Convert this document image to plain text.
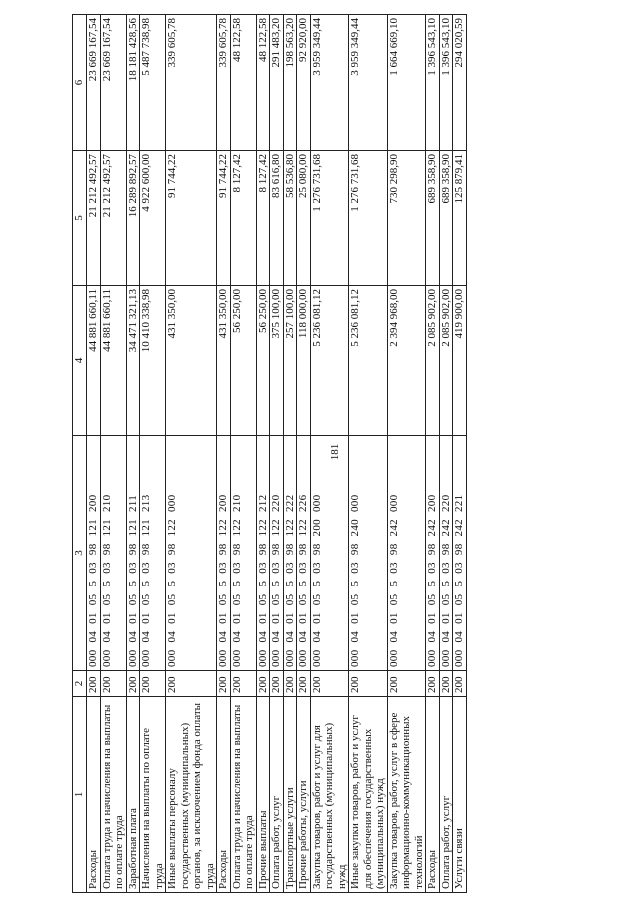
181
1	2	3	4	5	6
Расходы	200	000 04 01 05 5 03 98 121 200	44 881 660,11	21 212 492,57	23 669 167,54
Оплата труда и начисления на выплаты по оплате труда	200	000 04 01 05 5 03 98 121 210	44 881 660,11	21 212 492,57	23 669 167,54
Заработная плата	200	000 04 01 05 5 03 98 121 211	34 471 321,13	16 289 892,57	18 181 428,56
Начисления на выплаты по оплате труда	200	000 04 01 05 5 03 98 121 213	10 410 338,98	4 922 600,00	5 487 738,98
Иные выплаты персоналу государственных (муниципальных) органов, за исключением фонда оплаты труда	200	000 04 01 05 5 03 98 122 000	431 350,00	91 744,22	339 605,78
Расходы	200	000 04 01 05 5 03 98 122 200	431 350,00	91 744,22	339 605,78
Оплата труда и начисления на выплаты по оплате труда	200	000 04 01 05 5 03 98 122 210	56 250,00	8 127,42	48 122,58
Прочие выплаты	200	000 04 01 05 5 03 98 122 212	56 250,00	8 127,42	48 122,58
Оплата работ, услуг	200	000 04 01 05 5 03 98 122 220	375 100,00	83 616,80	291 483,20
Транспортные услуги	200	000 04 01 05 5 03 98 122 222	257 100,00	58 536,80	198 563,20
Прочие работы, услуги	200	000 04 01 05 5 03 98 122 226	118 000,00	25 080,00	92 920,00
Закупка товаров, работ и услуг для государственных (муниципальных) нужд	200	000 04 01 05 5 03 98 200 000	5 236 081,12	1 276 731,68	3 959 349,44
Иные закупки товаров, работ и услуг для обеспечения государственных (муниципальных) нужд	200	000 04 01 05 5 03 98 240 000	5 236 081,12	1 276 731,68	3 959 349,44
Закупка товаров, работ, услуг в сфере информационно-коммуникационных технологий	200	000 04 01 05 5 03 98 242 000	2 394 968,00	730 298,90	1 664 669,10
Расходы	200	000 04 01 05 5 03 98 242 200	2 085 902,00	689 358,90	1 396 543,10
Оплата работ, услуг	200	000 04 01 05 5 03 98 242 220	2 085 902,00	689 358,90	1 396 543,10
Услуги связи	200	000 04 01 05 5 03 98 242 221	419 900,00	125 879,41	294 020,59
